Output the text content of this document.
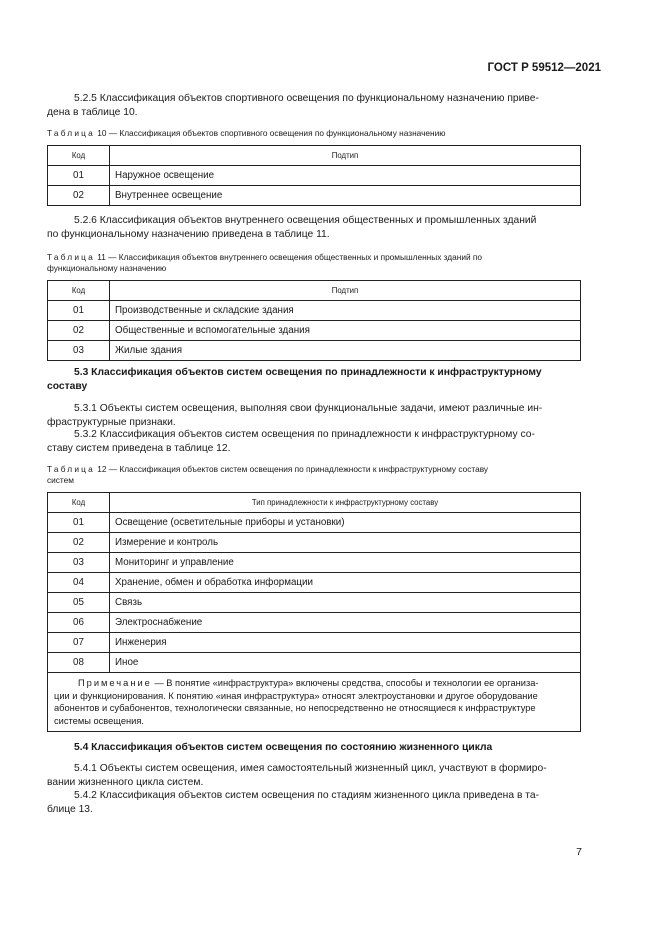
ГОСТ Р 59512—2021
5.2.5 Классификация объектов спортивного освещения по функциональному назначению приве-
дена в таблице 10.
Таблица 10 — Классификация объектов спортивного освещения по функциональному назначению
Код	Подтип
01	Наружное освещение
02	Внутреннее освещение
5.2.6 Классификация объектов внутреннего освещения общественных и промышленных зданий
по функциональному назначению приведена в таблице 11.
Таблица 11 — Классификация объектов внутреннего освещения общественных и промышленных зданий по
функциональному назначению
Код	Подтип
01	Производственные и складские здания
02	Общественные и вспомогательные здания
03	Жилые здания
5.3 Классификация объектов систем освещения по принадлежности к инфраструктурному
составу
5.3.1 Объекты систем освещения, выполняя свои функциональные задачи, имеют различные ин-
фраструктурные признаки.
5.3.2 Классификация объектов систем освещения по принадлежности к инфраструктурному со-
ставу систем приведена в таблице 12.
Таблица 12 — Классификация объектов систем освещения по принадлежности к инфраструктурному составу
систем
Код	Тип принадлежности к инфраструктурному составу
01	Освещение (осветительные приборы и установки)
02	Измерение и контроль
03	Мониторинг и управление
04	Хранение, обмен и обработка информации
05	Связь
06	Электроснабжение
07	Инженерия
08	Иное

Примечание — В понятие «инфраструктура» включены средства, способы и технологии ее организа-
ции и функционирования. К понятию «иная инфраструктура» относят электроустановки и другое оборудование
абонентов и субабонентов, технологически связанные, но непосредственно не относящиеся к инфраструктуре
системы освещения.	
5.4 Классификация объектов систем освещения по состоянию жизненного цикла
5.4.1 Объекты систем освещения, имея самостоятельный жизненный цикл, участвуют в формиро-
вании жизненного цикла систем.
5.4.2 Классификация объектов систем освещения по стадиям жизненного цикла приведена в та-
блице 13.
7
